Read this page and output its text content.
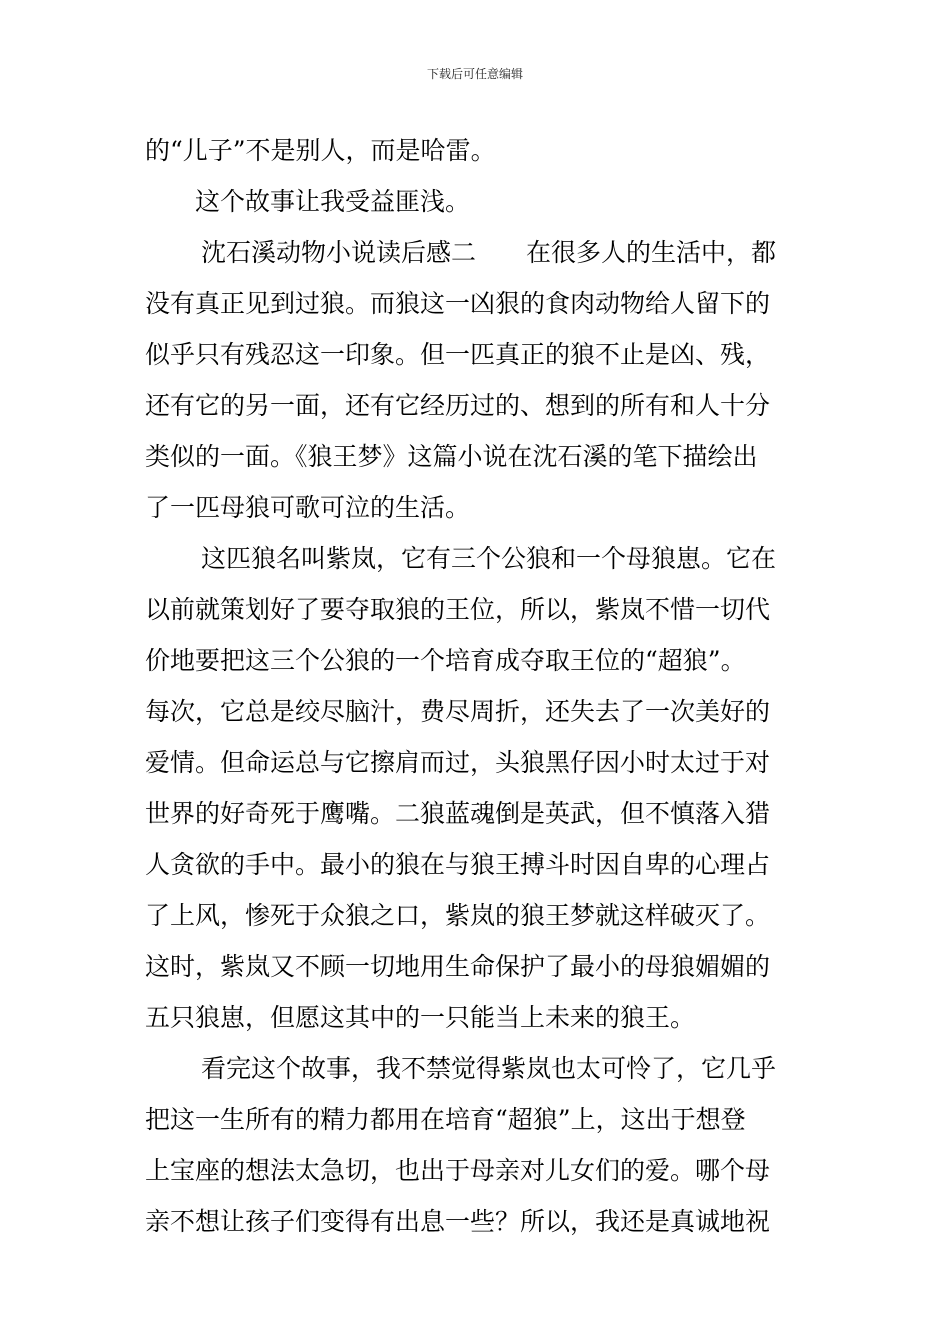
下载后可任意编辑
的“儿子”不是别人，而是哈雷。
这个故事让我受益匪浅。
沈石溪动物小说读后感二　　在很多人的生活中，都
没有真正见到过狼。而狼这一凶狠的食肉动物给人留下的
似乎只有残忍这一印象。但一匹真正的狼不止是凶、残，
还有它的另一面，还有它经历过的、想到的所有和人十分
类似的一面。《狼王梦》这篇小说在沈石溪的笔下描绘出
了一匹母狼可歌可泣的生活。
这匹狼名叫紫岚，它有三个公狼和一个母狼崽。它在
以前就策划好了要夺取狼的王位，所以，紫岚不惜一切代
价地要把这三个公狼的一个培育成夺取王位的“超狼”。
每次，它总是绞尽脑汁，费尽周折，还失去了一次美好的
爱情。但命运总与它擦肩而过，头狼黑仔因小时太过于对
世界的好奇死于鹰嘴。二狼蓝魂倒是英武，但不慎落入猎
人贪欲的手中。最小的狼在与狼王搏斗时因自卑的心理占
了上风，惨死于众狼之口，紫岚的狼王梦就这样破灭了。
这时，紫岚又不顾一切地用生命保护了最小的母狼媚媚的
五只狼崽，但愿这其中的一只能当上未来的狼王。
看完这个故事，我不禁觉得紫岚也太可怜了，它几乎
把这一生所有的精力都用在培育“超狼”上，这出于想登
上宝座的想法太急切，也出于母亲对儿女们的爱。哪个母
亲不想让孩子们变得有出息一些？所以，我还是真诚地祝
